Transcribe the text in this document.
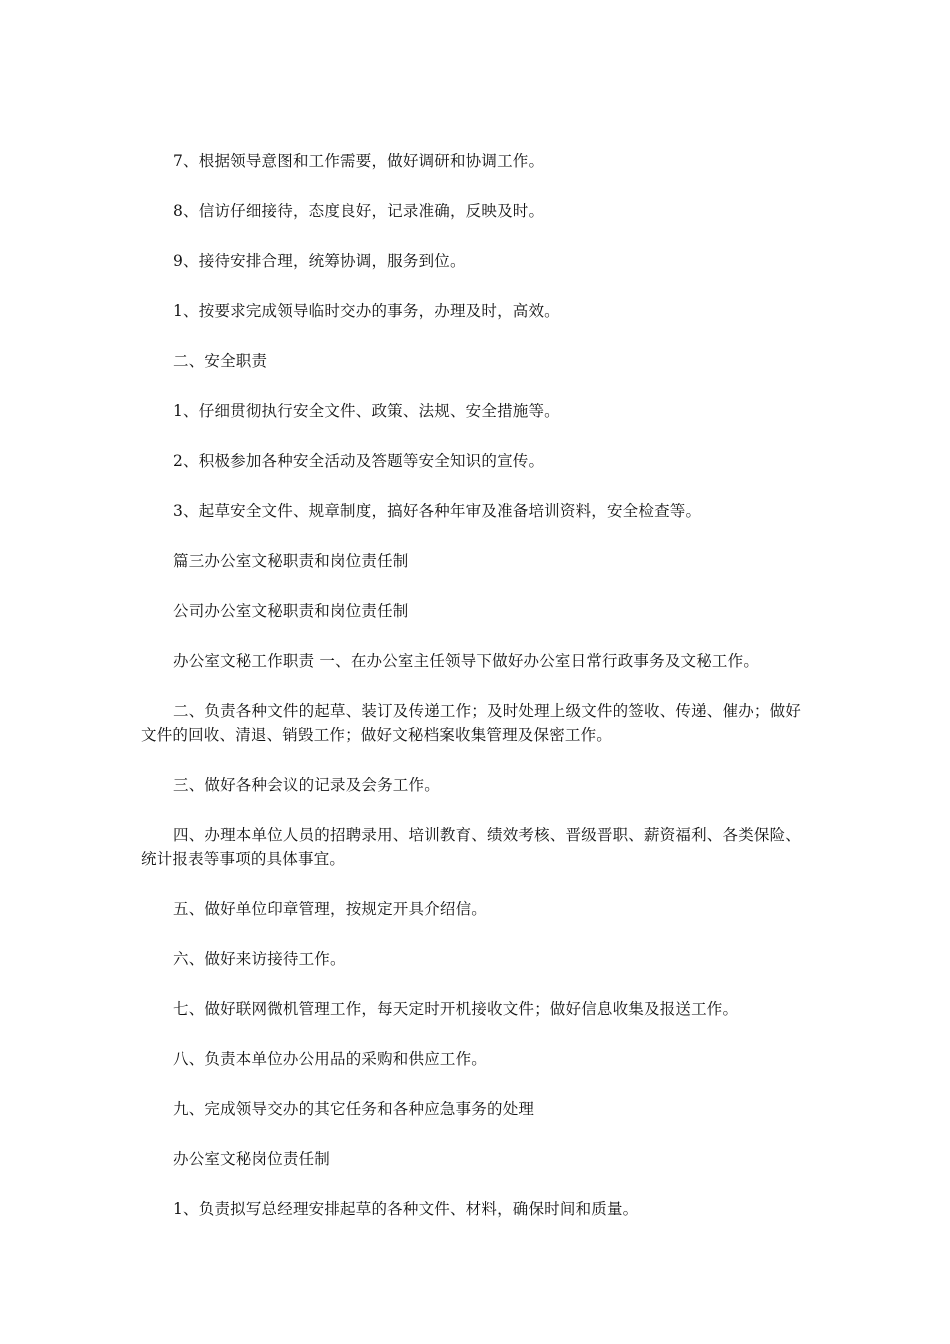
7、根据领导意图和工作需要，做好调研和协调工作。

8、信访仔细接待，态度良好，记录准确，反映及时。

9、接待安排合理，统筹协调，服务到位。

1、按要求完成领导临时交办的事务，办理及时，高效。

二、安全职责

1、仔细贯彻执行安全文件、政策、法规、安全措施等。

2、积极参加各种安全活动及答题等安全知识的宣传。

3、起草安全文件、规章制度，搞好各种年审及准备培训资料，安全检查等。

篇三办公室文秘职责和岗位责任制

公司办公室文秘职责和岗位责任制

办公室文秘工作职责 一、在办公室主任领导下做好办公室日常行政事务及文秘工作。

二、负责各种文件的起草、装订及传递工作；及时处理上级文件的签收、传递、催办；做好文件的回收、清退、销毁工作；做好文秘档案收集管理及保密工作。

三、做好各种会议的记录及会务工作。

四、办理本单位人员的招聘录用、培训教育、绩效考核、晋级晋职、薪资福利、各类保险、统计报表等事项的具体事宜。

五、做好单位印章管理，按规定开具介绍信。

六、做好来访接待工作。

七、做好联网微机管理工作，每天定时开机接收文件；做好信息收集及报送工作。

八、负责本单位办公用品的采购和供应工作。

九、完成领导交办的其它任务和各种应急事务的处理

办公室文秘岗位责任制

1、负责拟写总经理安排起草的各种文件、材料，确保时间和质量。
